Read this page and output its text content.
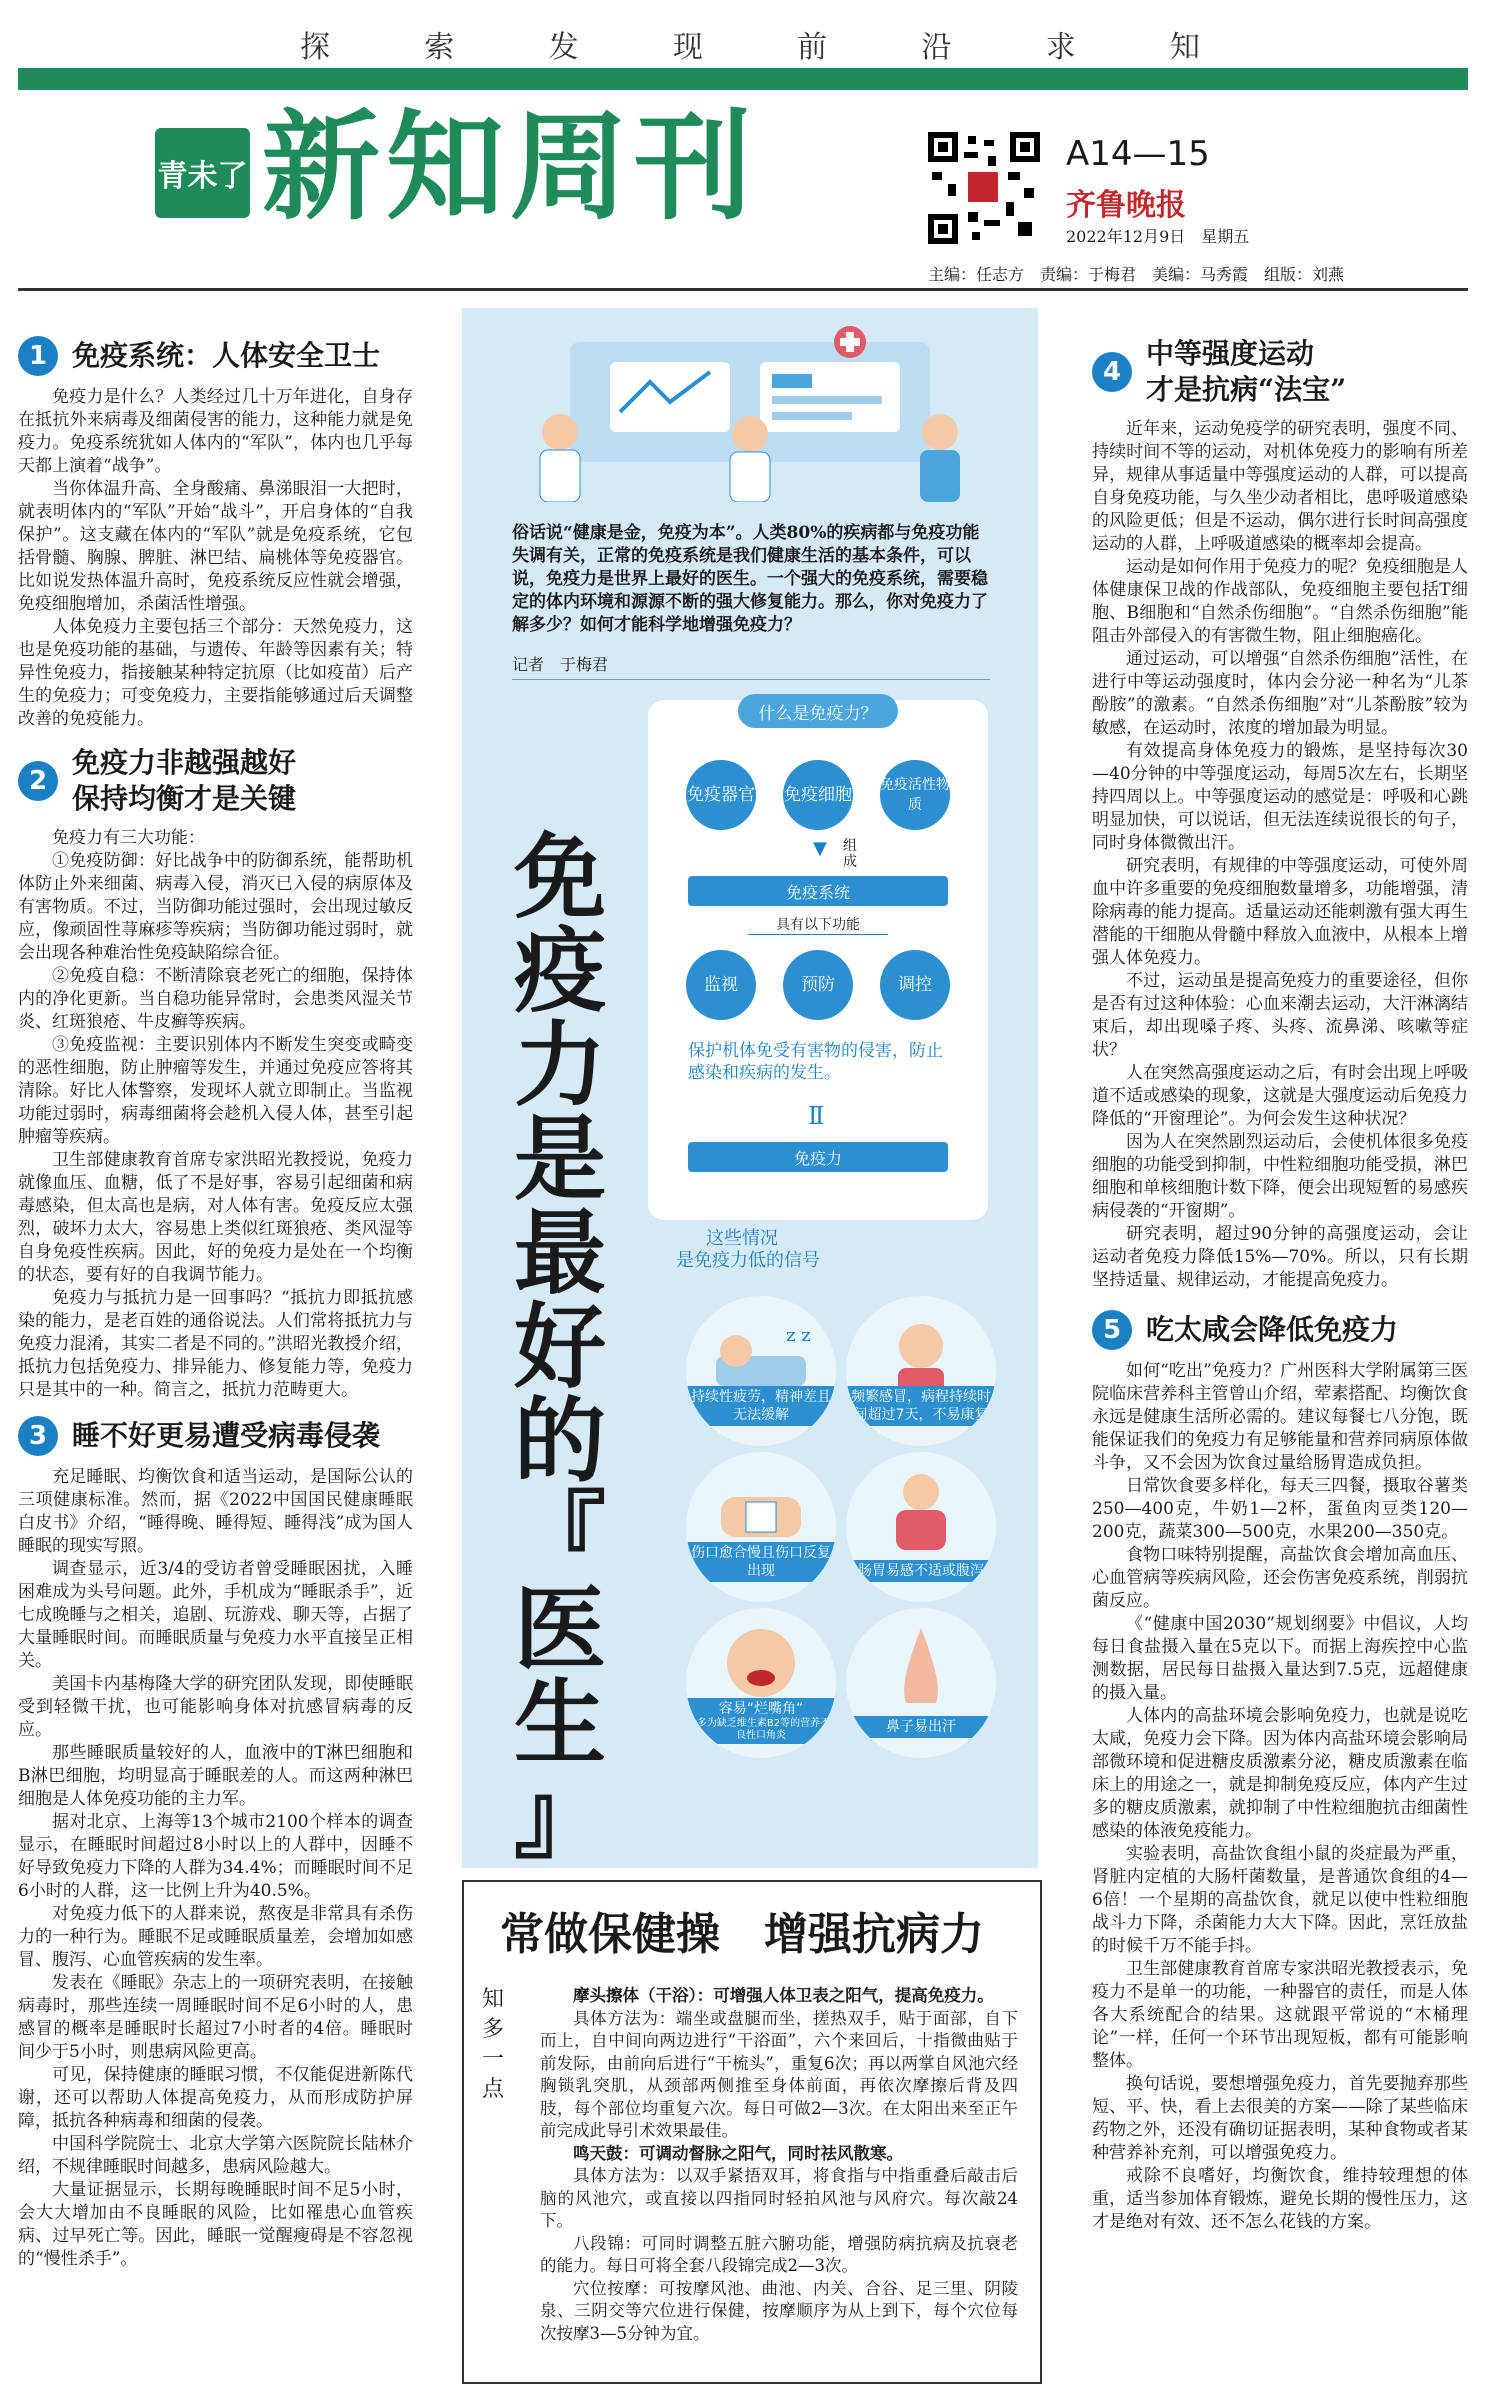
探	索	发	现	前	沿	求	知
青未了 新知周刊	A14—15
齐鲁晚报
2022年12月9日　星期五
主编：任志方　责编：于梅君　美编：马秀霞　组版：刘燕
1 免疫系统：人体安全卫士

免疫力是什么？人类经过几十万年进化，自身存在抵抗外来病毒及细菌侵害的能力，这种能力就是免疫力。免疫系统犹如人体内的“军队”，体内也几乎每天都上演着“战争”。

当你体温升高、全身酸痛、鼻涕眼泪一大把时，就表明体内的“军队”开始“战斗”，开启身体的“自我保护”。这支藏在体内的“军队”就是免疫系统，它包括骨髓、胸腺、脾脏、淋巴结、扁桃体等免疫器官。比如说发热体温升高时，免疫系统反应性就会增强，免疫细胞增加，杀菌活性增强。

人体免疫力主要包括三个部分：天然免疫力，这也是免疫功能的基础，与遗传、年龄等因素有关；特异性免疫力，指接触某种特定抗原（比如疫苗）后产生的免疫力；可变免疫力，主要指能够通过后天调整改善的免疫能力。

2
免疫力非越强越好
保持均衡才是关键

免疫力有三大功能：

①免疫防御：好比战争中的防御系统，能帮助机体防止外来细菌、病毒入侵，消灭已入侵的病原体及有害物质。不过，当防御功能过强时，会出现过敏反应，像顽固性荨麻疹等疾病；当防御功能过弱时，就会出现各种难治性免疫缺陷综合征。

②免疫自稳：不断清除衰老死亡的细胞，保持体内的净化更新。当自稳功能异常时，会患类风湿关节炎、红斑狼疮、牛皮癣等疾病。

③免疫监视：主要识别体内不断发生突变或畸变的恶性细胞，防止肿瘤等发生，并通过免疫应答将其清除。好比人体警察，发现坏人就立即制止。当监视功能过弱时，病毒细菌将会趁机入侵人体，甚至引起肿瘤等疾病。

卫生部健康教育首席专家洪昭光教授说，免疫力就像血压、血糖，低了不是好事，容易引起细菌和病毒感染，但太高也是病，对人体有害。免疫反应太强烈，破坏力太大，容易患上类似红斑狼疮、类风湿等自身免疫性疾病。因此，好的免疫力是处在一个均衡的状态，要有好的自我调节能力。

免疫力与抵抗力是一回事吗？“抵抗力即抵抗感染的能力，是老百姓的通俗说法。人们常将抵抗力与免疫力混淆，其实二者是不同的。”洪昭光教授介绍，抵抗力包括免疫力、排异能力、修复能力等，免疫力只是其中的一种。简言之，抵抗力范畴更大。

3 睡不好更易遭受病毒侵袭

充足睡眠、均衡饮食和适当运动，是国际公认的三项健康标准。然而，据《2022中国国民健康睡眠白皮书》介绍，“睡得晚、睡得短、睡得浅”成为国人睡眠的现实写照。

调查显示，近3/4的受访者曾受睡眠困扰，入睡困难成为头号问题。此外，手机成为“睡眠杀手”，近七成晚睡与之相关，追剧、玩游戏、聊天等，占据了大量睡眠时间。而睡眠质量与免疫力水平直接呈正相关。

美国卡内基梅隆大学的研究团队发现，即使睡眠受到轻微干扰，也可能影响身体对抗感冒病毒的反应。

那些睡眠质量较好的人，血液中的T淋巴细胞和B淋巴细胞，均明显高于睡眠差的人。而这两种淋巴细胞是人体免疫功能的主力军。

据对北京、上海等13个城市2100个样本的调查显示，在睡眠时间超过8小时以上的人群中，因睡不好导致免疫力下降的人群为34.4%；而睡眠时间不足6小时的人群，这一比例上升为40.5%。

对免疫力低下的人群来说，熬夜是非常具有杀伤力的一种行为。睡眠不足或睡眠质量差，会增加如感冒、腹泻、心血管疾病的发生率。

发表在《睡眠》杂志上的一项研究表明，在接触病毒时，那些连续一周睡眠时间不足6小时的人，患感冒的概率是睡眠时长超过7小时者的4倍。睡眠时间少于5小时，则患病风险更高。

可见，保持健康的睡眠习惯，不仅能促进新陈代谢，还可以帮助人体提高免疫力，从而形成防护屏障，抵抗各种病毒和细菌的侵袭。

中国科学院院士、北京大学第六医院院长陆林介绍，不规律睡眠时间越多，患病风险越大。

大量证据显示，长期每晚睡眠时间不足5小时，会大大增加由不良睡眠的风险，比如罹患心血管疾病、过早死亡等。因此，睡眠一觉醒瘦碍是不容忽视的“慢性杀手”。

俗话说“健康是金，免疫为本”。人类80%的疾病都与免疫功能失调有关，正常的免疫系统是我们健康生活的基本条件，可以说，免疫力是世界上最好的医生。一个强大的免疫系统，需要稳定的体内环境和源源不断的强大修复能力。那么，你对免疫力了解多少？如何才能科学地增强免疫力？
记者　于梅君
免
疫
力
是
最
好
的
『
医
生
』
什么是免疫力？
免疫器官 免疫细胞 免疫活性物质
▼ 组成
免疫系统
具有以下功能
监视	预防	调控
保护机体免受有害物的侵害，防止感染和疾病的发生。
Ⅱ
免疫力
这些情况
是免疫力低的信号
z z
持续性疲劳，精神差且无法缓解
频繁感冒，病程持续时间超过7天，不易康复
伤口愈合慢且伤口反复出现	肠胃易感不适或腹泻
容易“烂嘴角”
*多为缺乏维生素B2等的营养不良性口角炎
鼻子易出汗
常做保健操　增强抗病力
知多一点

摩头擦体（干浴）：可增强人体卫表之阳气，提高免疫力。

具体方法为：端坐或盘腿而坐，搓热双手，贴于面部，自下而上，自中间向两边进行“干浴面”，六个来回后，十指微曲贴于前发际，由前向后进行“干梳头”，重复6次；再以两掌自风池穴经胸锁乳突肌，从颈部两侧推至身体前面，再依次摩擦后背及四肢，每个部位均重复六次。每日可做2—3次。在太阳出来至正午前完成此导引术效果最佳。

鸣天鼓：可调动督脉之阳气，同时祛风散寒。

具体方法为：以双手紧捂双耳，将食指与中指重叠后敲击后脑的风池穴，或直接以四指同时轻拍风池与风府穴。每次敲24下。

八段锦：可同时调整五脏六腑功能，增强防病抗病及抗衰老的能力。每日可将全套八段锦完成2—3次。

穴位按摩：可按摩风池、曲池、内关、合谷、足三里、阴陵泉、三阴交等穴位进行保健，按摩顺序为从上到下，每个穴位每次按摩3—5分钟为宜。

4
中等强度运动
才是抗病“法宝”

近年来，运动免疫学的研究表明，强度不同、持续时间不等的运动，对机体免疫力的影响有所差异，规律从事适量中等强度运动的人群，可以提高自身免疫功能，与久坐少动者相比，患呼吸道感染的风险更低；但是不运动，偶尔进行长时间高强度运动的人群，上呼吸道感染的概率却会提高。

运动是如何作用于免疫力的呢？免疫细胞是人体健康保卫战的作战部队，免疫细胞主要包括T细胞、B细胞和“自然杀伤细胞”。“自然杀伤细胞”能阻击外部侵入的有害微生物，阻止细胞癌化。

通过运动，可以增强“自然杀伤细胞”活性，在进行中等运动强度时，体内会分泌一种名为“儿茶酚胺”的激素。“自然杀伤细胞”对“儿茶酚胺”较为敏感，在运动时，浓度的增加最为明显。

有效提高身体免疫力的锻炼，是坚持每次30—40分钟的中等强度运动，每周5次左右，长期坚持四周以上。中等强度运动的感觉是：呼吸和心跳明显加快，可以说话，但无法连续说很长的句子，同时身体微微出汗。

研究表明，有规律的中等强度运动，可使外周血中许多重要的免疫细胞数量增多，功能增强，清除病毒的能力提高。适量运动还能刺激有强大再生潜能的干细胞从骨髓中释放入血液中，从根本上增强人体免疫力。

不过，运动虽是提高免疫力的重要途径，但你是否有过这种体验：心血来潮去运动，大汗淋漓结束后，却出现嗓子疼、头疼、流鼻涕、咳嗽等症状？

人在突然高强度运动之后，有时会出现上呼吸道不适或感染的现象，这就是大强度运动后免疫力降低的“开窗理论”。为何会发生这种状况？

因为人在突然剧烈运动后，会使机体很多免疫细胞的功能受到抑制，中性粒细胞功能受损，淋巴细胞和单核细胞计数下降，便会出现短暂的易感疾病侵袭的“开窗期”。

研究表明，超过90分钟的高强度运动，会让运动者免疫力降低15%—70%。所以，只有长期坚持适量、规律运动，才能提高免疫力。

5 吃太咸会降低免疫力

如何“吃出”免疫力？广州医科大学附属第三医院临床营养科主管曾山介绍，荤素搭配、均衡饮食永远是健康生活所必需的。建议每餐七八分饱，既能保证我们的免疫力有足够能量和营养同病原体做斗争，又不会因为饮食过量给肠胃造成负担。

日常饮食要多样化，每天三四餐，摄取谷薯类250—400克，牛奶1—2杯，蛋鱼肉豆类120—200克，蔬菜300—500克，水果200—350克。

食物口味特别提醒，高盐饮食会增加高血压、心血管病等疾病风险，还会伤害免疫系统，削弱抗菌反应。

《“健康中国2030”规划纲要》中倡议，人均每日食盐摄入量在5克以下。而据上海疾控中心监测数据，居民每日盐摄入量达到7.5克，远超健康的摄入量。

人体内的高盐环境会影响免疫力，也就是说吃太咸，免疫力会下降。因为体内高盐环境会影响局部微环境和促进糖皮质激素分泌，糖皮质激素在临床上的用途之一，就是抑制免疫反应，体内产生过多的糖皮质激素，就抑制了中性粒细胞抗击细菌性感染的体液免疫能力。

实验表明，高盐饮食组小鼠的炎症最为严重，肾脏内定植的大肠杆菌数量，是普通饮食组的4—6倍！一个星期的高盐饮食，就足以使中性粒细胞战斗力下降，杀菌能力大大下降。因此，烹饪放盐的时候千万不能手抖。

卫生部健康教育首席专家洪昭光教授表示，免疫力不是单一的功能，一种器官的责任，而是人体各大系统配合的结果。这就跟平常说的“木桶理论”一样，任何一个环节出现短板，都有可能影响整体。

换句话说，要想增强免疫力，首先要抛弃那些短、平、快，看上去很美的方案——除了某些临床药物之外，还没有确切证据表明，某种食物或者某种营养补充剂，可以增强免疫力。

戒除不良嗜好，均衡饮食，维持较理想的体重，适当参加体育锻炼，避免长期的慢性压力，这才是绝对有效、还不怎么花钱的方案。
